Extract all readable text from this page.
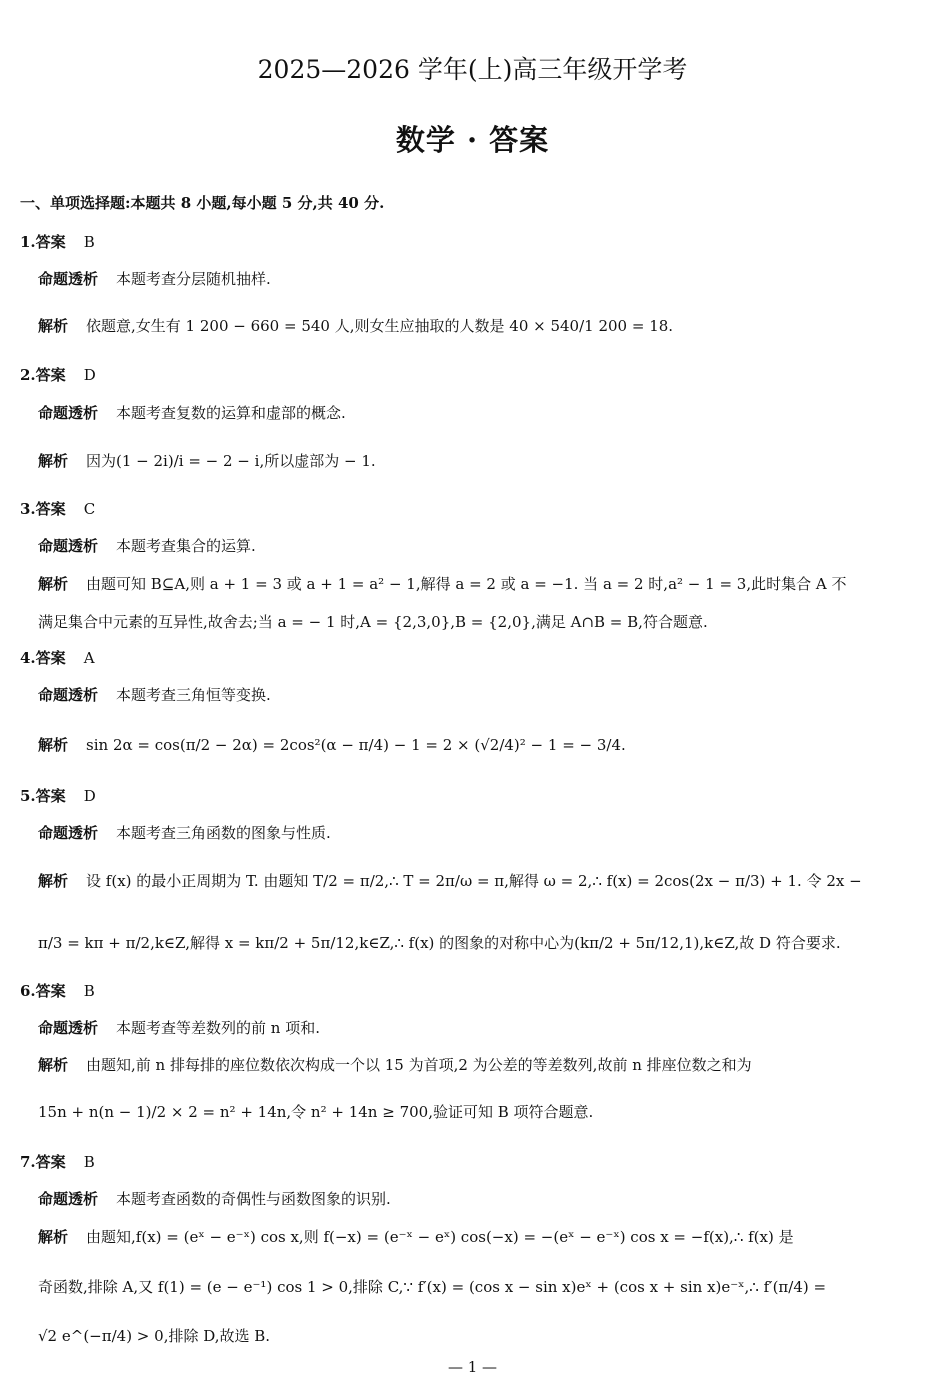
2025—2026 学年(上)高三年级开学考
数学 · 答案
一、单项选择题:本题共 8 小题,每小题 5 分,共 40 分.
1.答案 B
命题透析 本题考查分层随机抽样.
解析 依题意,女生有 1 200 − 660 = 540 人,则女生应抽取的人数是 40 × 540/1 200 = 18.
2.答案 D
命题透析 本题考查复数的运算和虚部的概念.
解析 因为(1 − 2i)/i = − 2 − i,所以虚部为 − 1.
3.答案 C
命题透析 本题考查集合的运算.
解析 由题可知 B⊆A,则 a + 1 = 3 或 a + 1 = a² − 1,解得 a = 2 或 a = −1. 当 a = 2 时,a² − 1 = 3,此时集合 A 不
满足集合中元素的互异性,故舍去;当 a = − 1 时,A = {2,3,0},B = {2,0},满足 A∩B = B,符合题意.
4.答案 A
命题透析 本题考查三角恒等变换.
解析 sin 2α = cos(π/2 − 2α) = 2cos²(α − π/4) − 1 = 2 × (√2/4)² − 1 = − 3/4.
5.答案 D
命题透析 本题考查三角函数的图象与性质.
解析 设 f(x) 的最小正周期为 T. 由题知 T/2 = π/2,∴ T = 2π/ω = π,解得 ω = 2,∴ f(x) = 2cos(2x − π/3) + 1. 令 2x −
π/3 = kπ + π/2,k∈Z,解得 x = kπ/2 + 5π/12,k∈Z,∴ f(x) 的图象的对称中心为(kπ/2 + 5π/12,1),k∈Z,故 D 符合要求.
6.答案 B
命题透析 本题考查等差数列的前 n 项和.
解析 由题知,前 n 排每排的座位数依次构成一个以 15 为首项,2 为公差的等差数列,故前 n 排座位数之和为
15n + n(n − 1)/2 × 2 = n² + 14n,令 n² + 14n ≥ 700,验证可知 B 项符合题意.
7.答案 B
命题透析 本题考查函数的奇偶性与函数图象的识别.
解析 由题知,f(x) = (eˣ − e⁻ˣ) cos x,则 f(−x) = (e⁻ˣ − eˣ) cos(−x) = −(eˣ − e⁻ˣ) cos x = −f(x),∴ f(x) 是
奇函数,排除 A,又 f(1) = (e − e⁻¹) cos 1 > 0,排除 C,∵ f′(x) = (cos x − sin x)eˣ + (cos x + sin x)e⁻ˣ,∴ f′(π/4) =
√2 e^(−π/4) > 0,排除 D,故选 B.
— 1 —
